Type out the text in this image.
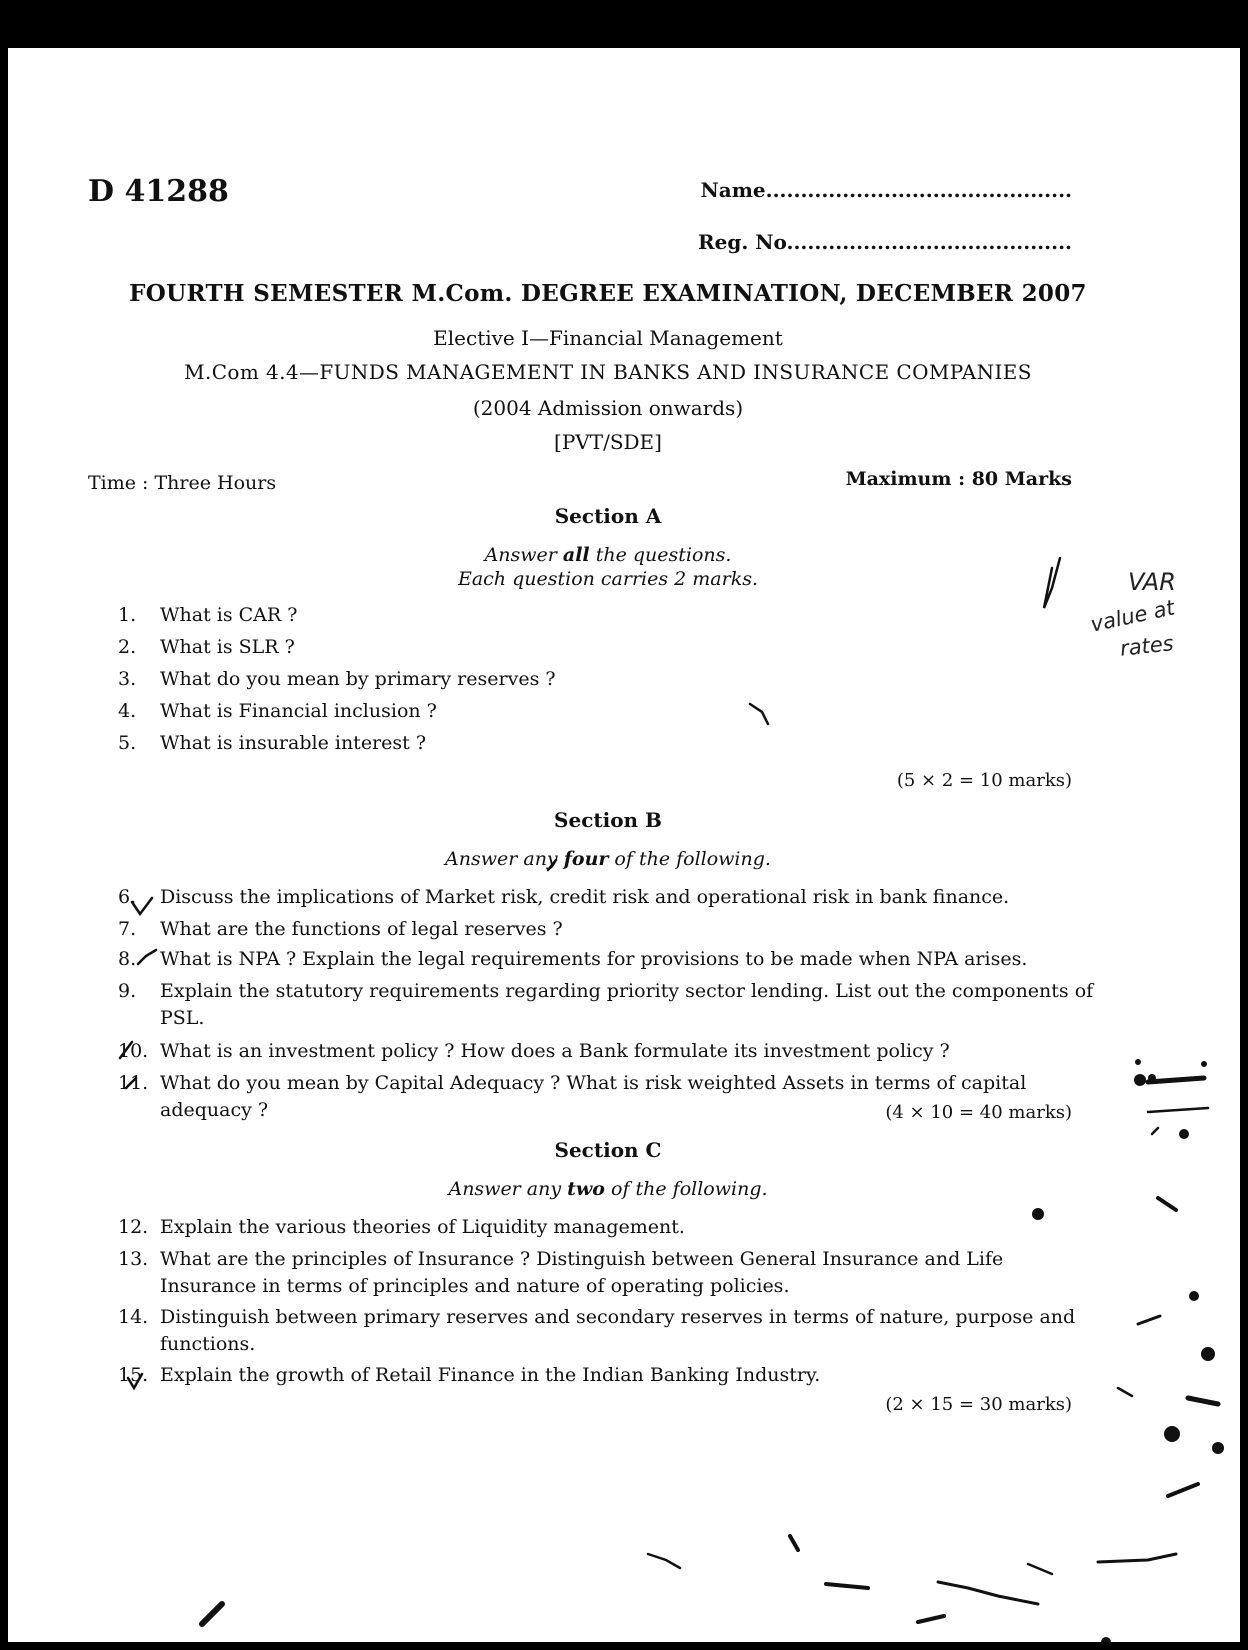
D 41288	Name............................................
Reg. No.........................................
FOURTH SEMESTER M.Com. DEGREE EXAMINATION, DECEMBER 2007
Elective I—Financial Management
M.Com 4.4—FUNDS MANAGEMENT IN BANKS AND INSURANCE COMPANIES
(2004 Admission onwards)
[PVT/SDE]
Time : Three Hours	Maximum : 80 Marks
Section A
Answer all the questions.
Each question carries 2 marks.
1.	What is CAR ?
2.	What is SLR ?
3.	What do you mean by primary reserves ?
4.	What is Financial inclusion ?
5.	What is insurable interest ?
(5 × 2 = 10 marks)
Section B
Answer any four of the following.
6.	Discuss the implications of Market risk, credit risk and operational risk in bank finance.
7.	What are the functions of legal reserves ?
8.	What is NPA ? Explain the legal requirements for provisions to be made when NPA arises.
9.	Explain the statutory requirements regarding priority sector lending. List out the components of PSL.
10. What is an investment policy ? How does a Bank formulate its investment policy ?
11. What do you mean by Capital Adequacy ? What is risk weighted Assets in terms of capital adequacy ?	(4 × 10 = 40 marks)
Section C
Answer any two of the following.
12. Explain the various theories of Liquidity management.
13. What are the principles of Insurance ? Distinguish between General Insurance and Life Insurance in terms of principles and nature of operating policies.
14. Distinguish between primary reserves and secondary reserves in terms of nature, purpose and functions.
15. Explain the growth of Retail Finance in the Indian Banking Industry.
(2 × 15 = 30 marks)
VAR
value at
rates
